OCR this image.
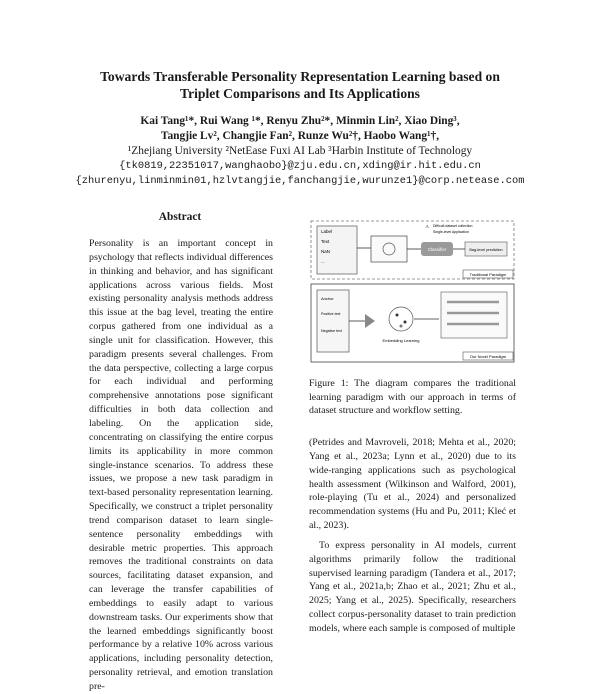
Towards Transferable Personality Representation Learning based on
Triplet Comparisons and Its Applications
Kai Tang¹*, Rui Wang ¹*, Renyu Zhu²*, Minmin Lin², Xiao Ding³,
Tangjie Lv², Changjie Fan², Runze Wu²†, Haobo Wang¹†,
¹Zhejiang University ²NetEase Fuxi AI Lab ³Harbin Institute of Technology
{tk0819,22351017,wanghaobo}@zju.edu.cn,xding@ir.hit.edu.cn
{zhurenyu,linminmin01,hzlvtangjie,fanchangjie,wurunze1}@corp.netease.com
Abstract

Personality is an important concept in psychology that reflects individual differences in thinking and behavior, and has significant applications across various fields. Most existing personality analysis methods address this issue at the bag level, treating the entire corpus gathered from one individual as a single unit for classification. However, this paradigm presents several challenges. From the data perspective, collecting a large corpus for each individual and performing comprehensive annotations pose significant difficulties in both data collection and labeling. On the application side, concentrating on classifying the entire corpus limits its applicability in more common single-instance scenarios. To address these issues, we propose a new task paradigm in text-based personality representation learning. Specifically, we construct a triplet personality trend comparison dataset to learn single-sentence personality embeddings with desirable metric properties. This approach removes the traditional constraints on data sources, facilitating dataset expansion, and can leverage the transfer capabilities of embeddings to easily adapt to various downstream tasks. Our experiments show that the learned embeddings significantly boost performance by a relative 10% across various applications, including personality detection, personality retrieval, and emotion translation pre-

Label
Text
NaN
...
Classifier	Bag-level prediction
⚠ Difficult dataset collection
Single-level Application
Traditional Paradigm
Anchor
Positive text
Negative text
Embedding Learning
Our Novel Paradigm
Figure 1: The diagram compares the traditional learning paradigm with our approach in terms of dataset structure and workflow setting.

(Petrides and Mavroveli, 2018; Mehta et al., 2020; Yang et al., 2023a; Lynn et al., 2020) due to its wide-ranging applications such as psychological health assessment (Wilkinson and Walford, 2001), role-playing (Tu et al., 2024) and personalized recommendation systems (Hu and Pu, 2011; Kleć et al., 2023).

To express personality in AI models, current algorithms primarily follow the traditional supervised learning paradigm (Tandera et al., 2017; Yang et al., 2021a,b; Zhao et al., 2021; Zhu et al., 2025; Yang et al., 2025). Specifically, researchers collect corpus-personality dataset to train prediction models, where each sample is composed of multiple
